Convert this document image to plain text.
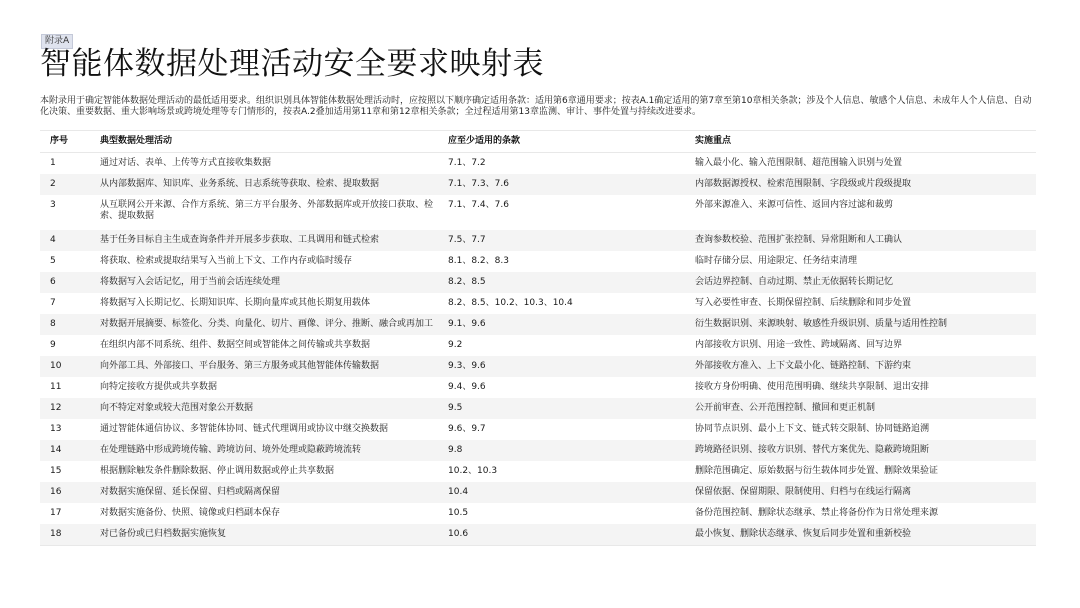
附录A
智能体数据处理活动安全要求映射表
本附录用于确定智能体数据处理活动的最低适用要求。组织识别具体智能体数据处理活动时，应按照以下顺序确定适用条款：适用第6章通用要求；按表A.1确定适用的第7章至第10章相关条款；涉及个人信息、敏感个人信息、未成年人个人信息、自动化决策、重要数据、重大影响场景或跨境处理等专门情形的，按表A.2叠加适用第11章和第12章相关条款；全过程适用第13章监测、审计、事件处置与持续改进要求。
序号	典型数据处理活动	应至少适用的条款	实施重点
1	通过对话、表单、上传等方式直接收集数据	7.1、7.2	输入最小化、输入范围限制、超范围输入识别与处置
2	从内部数据库、知识库、业务系统、日志系统等获取、检索、提取数据	7.1、7.3、7.6	内部数据源授权、检索范围限制、字段级或片段级提取
3	从互联网公开来源、合作方系统、第三方平台服务、外部数据库或开放接口获取、检索、提取数据	7.1、7.4、7.6	外部来源准入、来源可信性、返回内容过滤和裁剪
4	基于任务目标自主生成查询条件并开展多步获取、工具调用和链式检索	7.5、7.7	查询参数校验、范围扩张控制、异常阻断和人工确认
5	将获取、检索或提取结果写入当前上下文、工作内存或临时缓存	8.1、8.2、8.3	临时存储分层、用途限定、任务结束清理
6	将数据写入会话记忆，用于当前会话连续处理	8.2、8.5	会话边界控制、自动过期、禁止无依据转长期记忆
7	将数据写入长期记忆、长期知识库、长期向量库或其他长期复用载体	8.2、8.5、10.2、10.3、10.4	写入必要性审查、长期保留控制、后续删除和同步处置
8	对数据开展摘要、标签化、分类、向量化、切片、画像、评分、推断、融合或再加工	9.1、9.6	衍生数据识别、来源映射、敏感性升级识别、质量与适用性控制
9	在组织内部不同系统、组件、数据空间或智能体之间传输或共享数据	9.2	内部接收方识别、用途一致性、跨域隔离、回写边界
10	向外部工具、外部接口、平台服务、第三方服务或其他智能体传输数据	9.3、9.6	外部接收方准入、上下文最小化、链路控制、下游约束
11	向特定接收方提供或共享数据	9.4、9.6	接收方身份明确、使用范围明确、继续共享限制、退出安排
12	向不特定对象或较大范围对象公开数据	9.5	公开前审查、公开范围控制、撤回和更正机制
13	通过智能体通信协议、多智能体协同、链式代理调用或协议中继交换数据	9.6、9.7	协同节点识别、最小上下文、链式转交限制、协同链路追溯
14	在处理链路中形成跨境传输、跨境访问、境外处理或隐蔽跨境流转	9.8	跨境路径识别、接收方识别、替代方案优先、隐蔽跨境阻断
15	根据删除触发条件删除数据、停止调用数据或停止共享数据	10.2、10.3	删除范围确定、原始数据与衍生载体同步处置、删除效果验证
16	对数据实施保留、延长保留、归档或隔离保留	10.4	保留依据、保留期限、限制使用、归档与在线运行隔离
17	对数据实施备份、快照、镜像或归档副本保存	10.5	备份范围控制、删除状态继承、禁止将备份作为日常处理来源
18	对已备份或已归档数据实施恢复	10.6	最小恢复、删除状态继承、恢复后同步处置和重新校验
